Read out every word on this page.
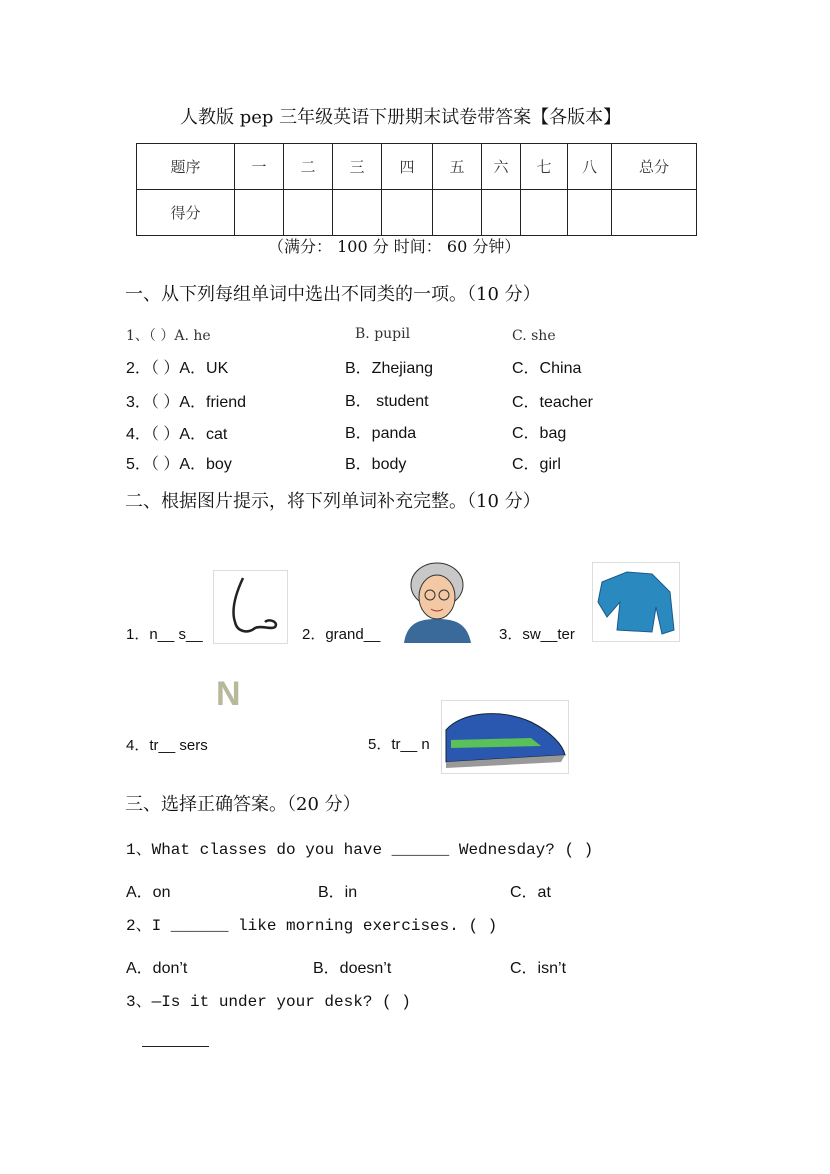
人教版 pep 三年级英语下册期末试卷带答案【各版本】
题序	一	二	三	四	五	六	七	八	总分
得分									
（满分： 100 分 时间： 60 分钟）
一、从下列每组单词中选出不同类的一项。（10 分）
1、（ ）A. he	B. pupil	C. she
2．（ ）A．UK	B．Zhejiang	C．China
3．（ ）A．friend	B． student	C．teacher
4．（ ）A．cat	B．panda	C．bag
5．（ ）A．boy	B．body	C．girl
二、根据图片提示，将下列单词补充完整。（10 分）
1．n__ s__	2．grand__	3．sw__ter
N
4．tr__ sers	5．tr__ n
三、选择正确答案。（20 分）
1、What classes do you have ______ Wednesday? ( )
A．on	B．in	C．at
2、I ______ like morning exercises. ( )
A．don’t	B．doesn’t	C．isn’t
3、—Is it under your desk? ( )
